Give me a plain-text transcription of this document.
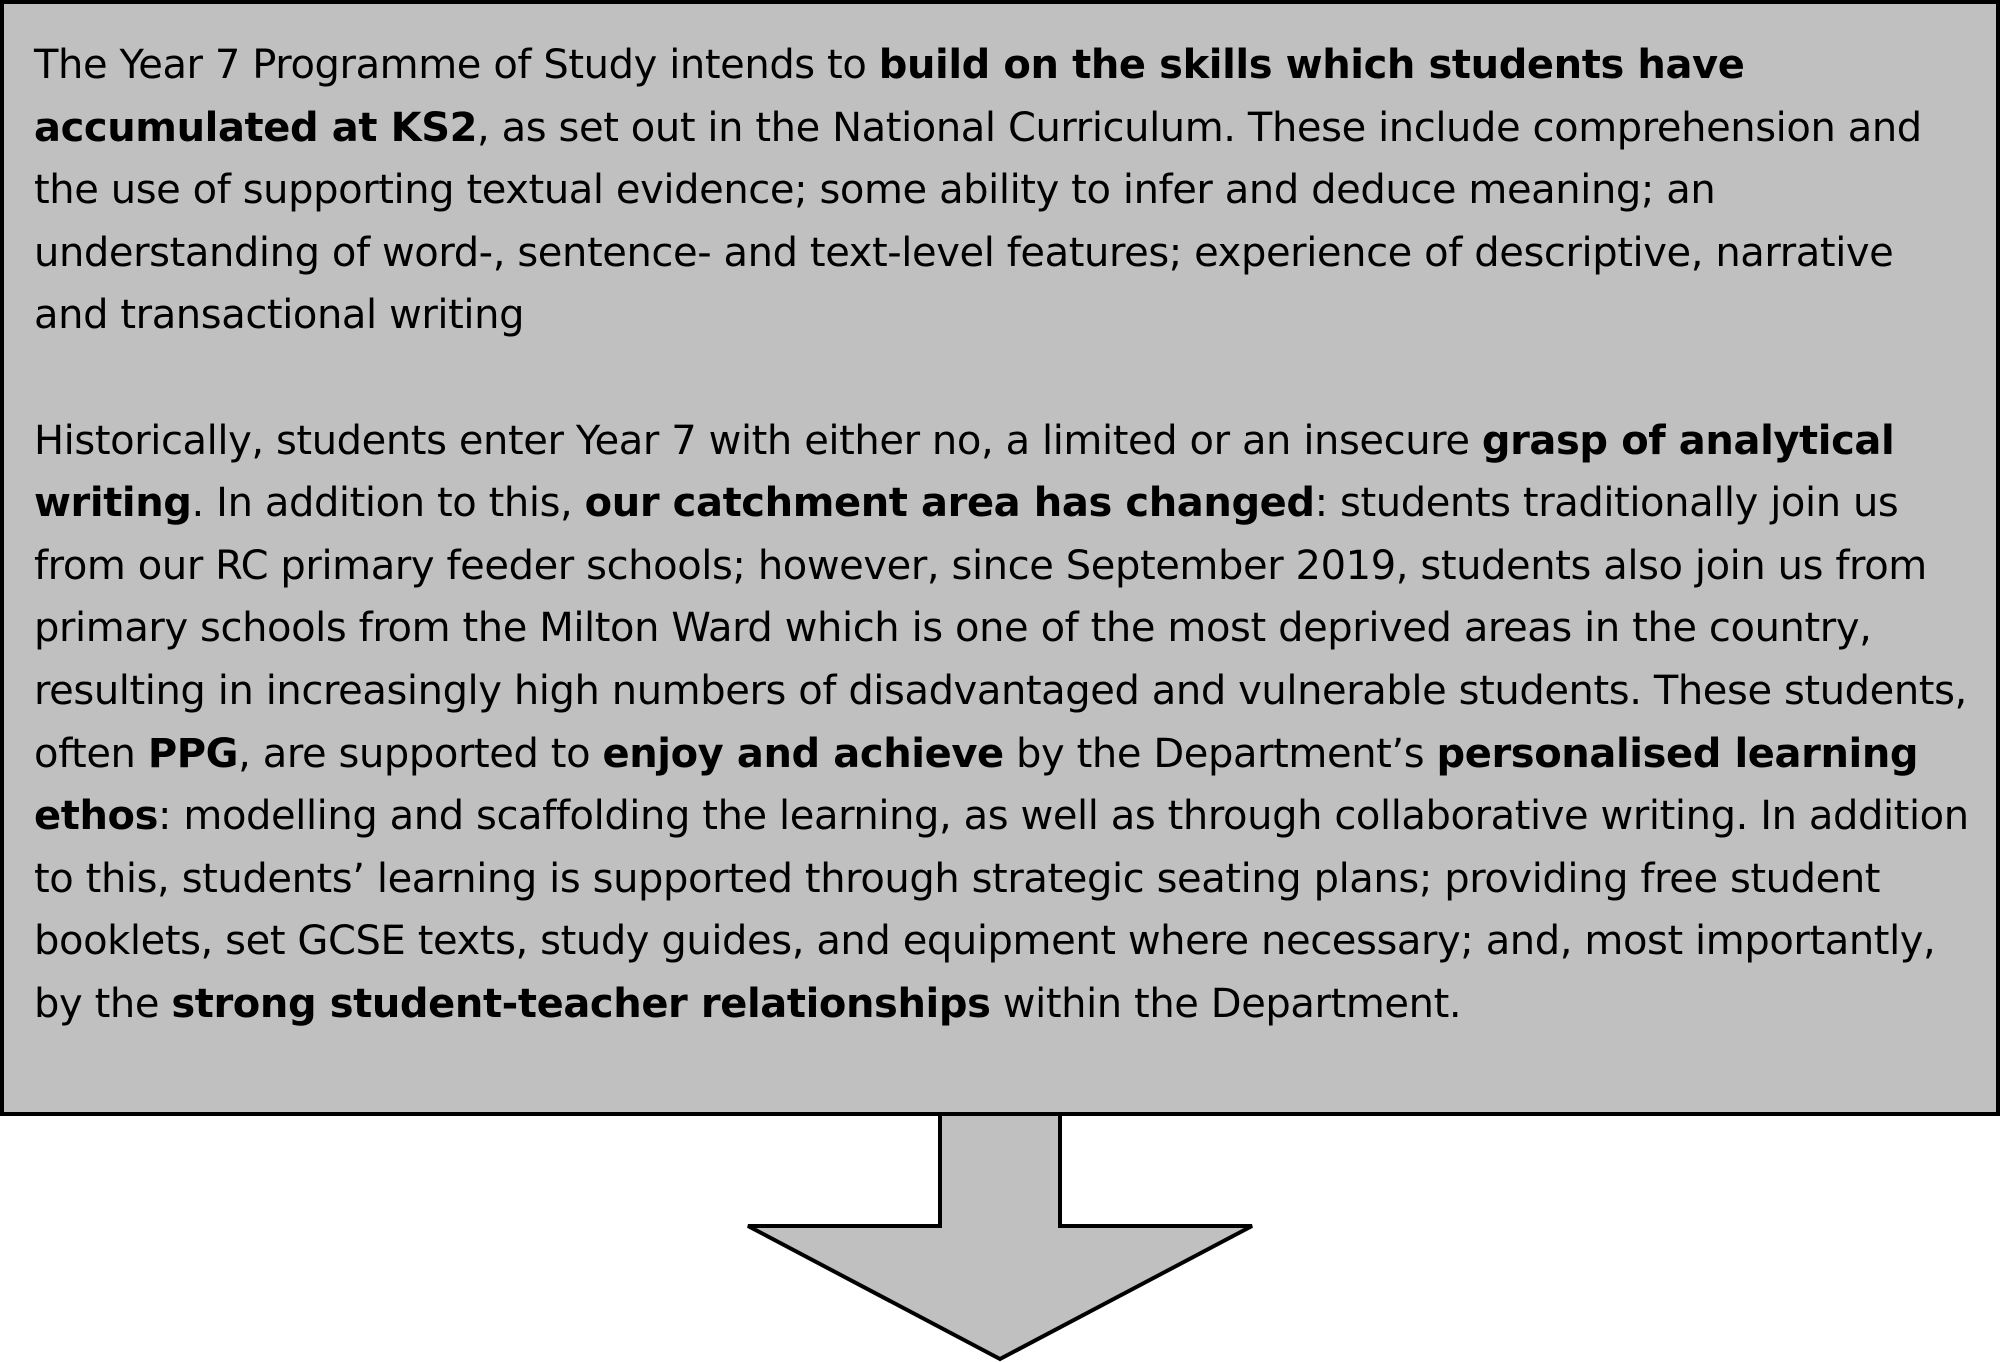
The Year 7 Programme of Study intends to build on the skills which students have accumulated at KS2, as set out in the National Curriculum. These include comprehension and the use of supporting textual evidence; some ability to infer and deduce meaning; an understanding of word-, sentence- and text-level features; experience of descriptive, narrative and transactional writing

Historically, students enter Year 7 with either no, a limited or an insecure grasp of analytical writing. In addition to this, our catchment area has changed: students traditionally join us from our RC primary feeder schools; however, since September 2019, students also join us from primary schools from the Milton Ward which is one of the most deprived areas in the country, resulting in increasingly high numbers of disadvantaged and vulnerable students. These students, often PPG, are supported to enjoy and achieve by the Department’s personalised learning ethos: modelling and scaffolding the learning, as well as through collaborative writing. In addition to this, students’ learning is supported through strategic seating plans; providing free student booklets, set GCSE texts, study guides, and equipment where necessary; and, most importantly, by the strong student-teacher relationships within the Department.
